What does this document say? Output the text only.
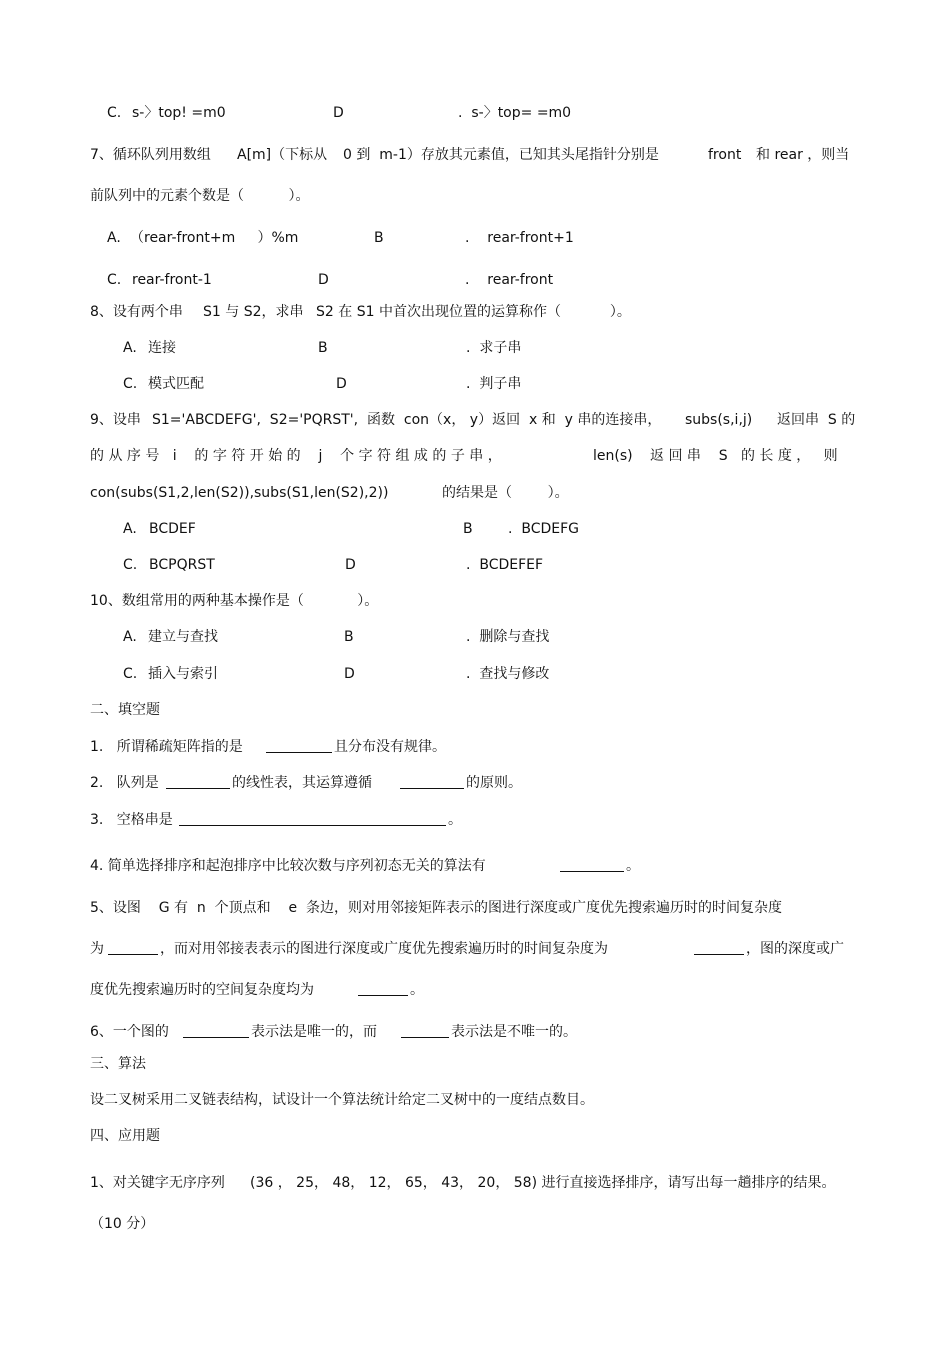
C. s-〉top! =m0	D	.  s-〉top= =m0
7、循环队列用数组 A[m]（下标从 0 到  m-1）存放其元素值，已知其头尾指针分别是	front 和 rear ，则当
前队列中的元素个数是（          ）。
A. （rear-front+m     ）%m	B	.    rear-front+1
C. rear-front-1	D	.    rear-front
8、设有两个串 S1 与 S2，求串 S2 在 S1 中首次出现位置的运算称作（           ）。
A. 连接	B	.  求子串
C. 模式匹配	D	.  判子串
9、设串 S1='ABCDEFG',  S2='PQRST',  函数  con（x， y）返回  x 和  y 串的连接串， subs(s,i,j) 返回串  S 的
的 从 序 号   i    的 字 符 开 始 的    j    个 字 符 组 成 的 子 串 ，	len(s) 返 回 串    S   的 长 度 ，   则
con(subs(S1,2,len(S2)),subs(S1,len(S2),2))	的结果是（        ）。
A. BCDEF	B	.  BCDEFG
C. BCPQRST	D	.  BCDEFEF
10、数组常用的两种基本操作是（            ）。
A. 建立与查找	B	.  删除与查找
C. 插入与索引	D	.  查找与修改
二、填空题
1.   所谓稀疏矩阵指的是	且分布没有规律。
2.   队列是	的线性表，其运算遵循	的原则。
3.   空格串是	。
4. 简单选择排序和起泡排序中比较次数与序列初态无关的算法有	。
5、设图    G 有  n  个顶点和    e  条边，则对用邻接矩阵表示的图进行深度或广度优先搜索遍历时的时间复杂度
为	，而对用邻接表表示的图进行深度或广度优先搜索遍历时的时间复杂度为	，图的深度或广
度优先搜索遍历时的空间复杂度均为	。
6、一个图的	表示法是唯一的，而	表示法是不唯一的。
三、算法
设二叉树采用二叉链表结构，试设计一个算法统计给定二叉树中的一度结点数目。
四、应用题
1、对关键字无序序列 (36 ， 25， 48， 12， 65， 43， 20， 58) 进行直接选择排序，请写出每一趟排序的结果。
（10 分）
